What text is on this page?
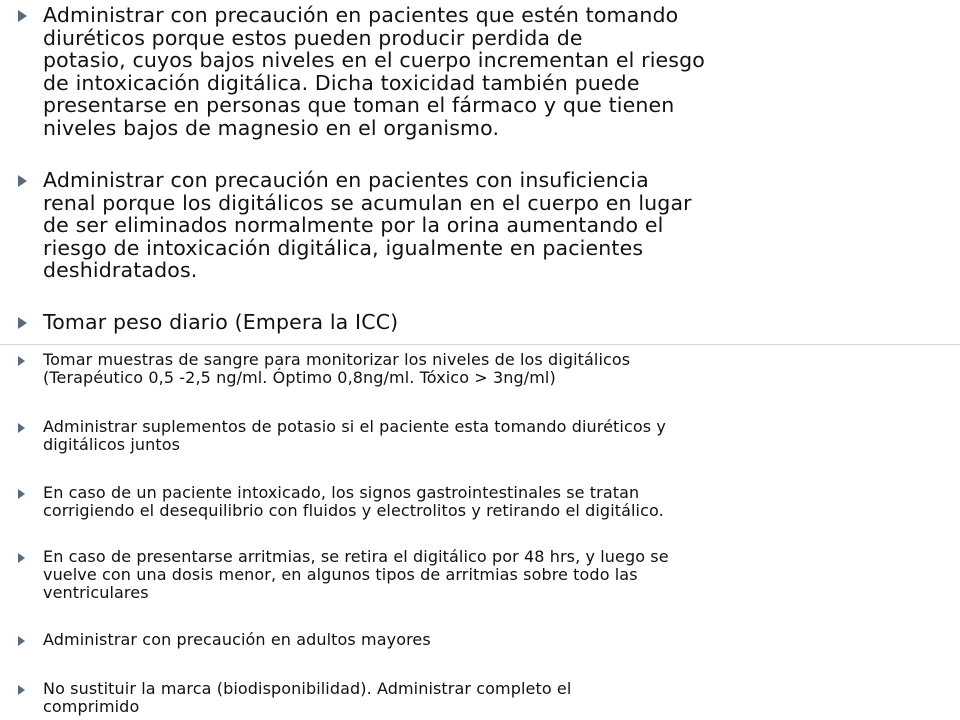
Administrar con precaución en pacientes que estén tomando
diuréticos porque estos pueden producir perdida de
potasio, cuyos bajos niveles en el cuerpo incrementan el riesgo
de intoxicación digitálica. Dicha toxicidad también puede
presentarse en personas que toman el fármaco y que tienen
niveles bajos de magnesio en el organismo.
Administrar con precaución en pacientes con insuficiencia
renal porque los digitálicos se acumulan en el cuerpo en lugar
de ser eliminados normalmente por la orina aumentando el
riesgo de intoxicación digitálica, igualmente en pacientes
deshidratados.
Tomar peso diario (Empera la ICC)
Tomar muestras de sangre para monitorizar los niveles de los digitálicos
(Terapéutico 0,5 -2,5 ng/ml. Óptimo 0,8ng/ml. Tóxico > 3ng/ml)
Administrar suplementos de potasio si el paciente esta tomando diuréticos y
digitálicos juntos
En caso de un paciente intoxicado, los signos gastrointestinales se tratan
corrigiendo el desequilibrio con fluidos y electrolitos y retirando el digitálico.
En caso de presentarse arritmias, se retira el digitálico por 48 hrs, y luego se
vuelve con una dosis menor, en algunos tipos de arritmias sobre todo las
ventriculares
Administrar con precaución en adultos mayores
No sustituir la marca (biodisponibilidad). Administrar completo el
comprimido
